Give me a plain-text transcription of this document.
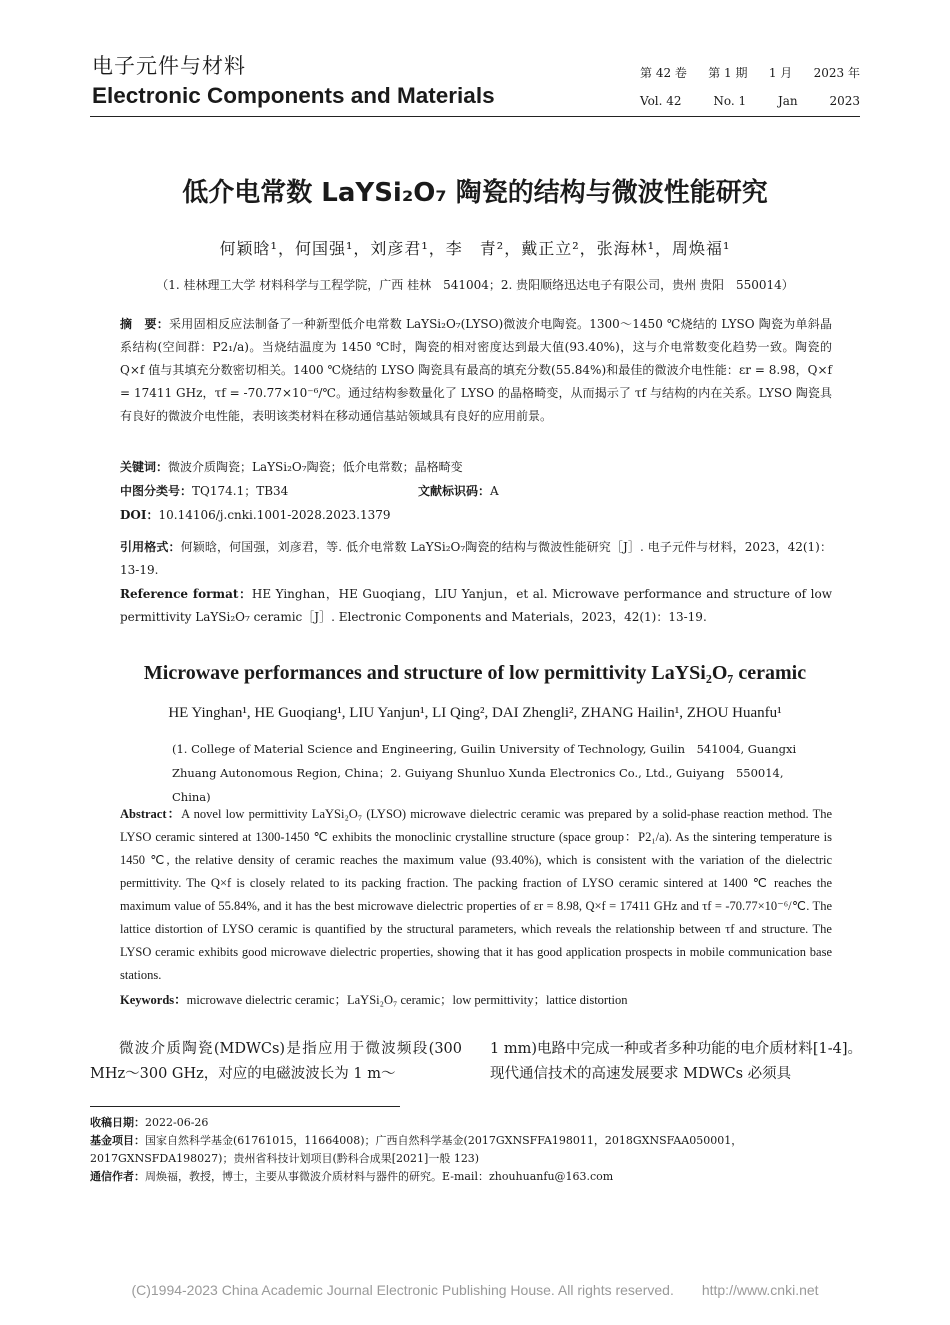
电子元件与材料
Electronic Components and Materials
第 42 卷 第 1 期 1 月 2023 年
Vol. 42	No. 1	Jan	2023
低介电常数 LaYSi₂O₇ 陶瓷的结构与微波性能研究
何颖晗¹，何国强¹，刘彦君¹，李　青²，戴正立²，张海林¹，周焕福¹
（1. 桂林理工大学 材料科学与工程学院，广西 桂林　541004；2. 贵阳顺络迅达电子有限公司，贵州 贵阳　550014）
摘　要：采用固相反应法制备了一种新型低介电常数 LaYSi₂O₇(LYSO)微波介电陶瓷。1300～1450 ℃烧结的 LYSO 陶瓷为单斜晶系结构(空间群：P2₁/a)。当烧结温度为 1450 ℃时，陶瓷的相对密度达到最大值(93.40%)，这与介电常数变化趋势一致。陶瓷的 Q×f 值与其填充分数密切相关。1400 ℃烧结的 LYSO 陶瓷具有最高的填充分数(55.84%)和最佳的微波介电性能：εr = 8.98，Q×f = 17411 GHz，τf = -70.77×10⁻⁶/℃。通过结构参数量化了 LYSO 的晶格畸变，从而揭示了 τf 与结构的内在关系。LYSO 陶瓷具有良好的微波介电性能，表明该类材料在移动通信基站领域具有良好的应用前景。
关键词：微波介质陶瓷；LaYSi₂O₇陶瓷；低介电常数；晶格畸变
中图分类号：TQ174.1；TB34	文献标识码：A
DOI：10.14106/j.cnki.1001-2028.2023.1379
引用格式：何颖晗，何国强，刘彦君，等. 低介电常数 LaYSi₂O₇陶瓷的结构与微波性能研究［J］. 电子元件与材料，2023，42(1)：13-19.
Reference format：HE Yinghan，HE Guoqiang，LIU Yanjun，et al. Microwave performance and structure of low permittivity LaYSi₂O₇ ceramic［J］. Electronic Components and Materials，2023，42(1)：13-19.
Microwave performances and structure of low permittivity LaYSi₂O₇ ceramic
HE Yinghan¹, HE Guoqiang¹, LIU Yanjun¹, LI Qing², DAI Zhengli², ZHANG Hailin¹, ZHOU Huanfu¹
(1. College of Material Science and Engineering, Guilin University of Technology, Guilin　541004, Guangxi Zhuang Autonomous Region, China；2. Guiyang Shunluo Xunda Electronics Co., Ltd., Guiyang　550014, China)
Abstract：A novel low permittivity LaYSi₂O₇ (LYSO) microwave dielectric ceramic was prepared by a solid-phase reaction method. The LYSO ceramic sintered at 1300-1450 ℃ exhibits the monoclinic crystalline structure (space group：P2₁/a). As the sintering temperature is 1450 ℃, the relative density of ceramic reaches the maximum value (93.40%), which is consistent with the variation of the dielectric permittivity. The Q×f is closely related to its packing fraction. The packing fraction of LYSO ceramic sintered at 1400 ℃ reaches the maximum value of 55.84%, and it has the best microwave dielectric properties of εr = 8.98, Q×f = 17411 GHz and τf = -70.77×10⁻⁶/℃. The lattice distortion of LYSO ceramic is quantified by the structural parameters, which reveals the relationship between τf and structure. The LYSO ceramic exhibits good microwave dielectric properties, showing that it has good application prospects in mobile communication base stations.
Keywords：microwave dielectric ceramic；LaYSi₂O₇ ceramic；low permittivity；lattice distortion
微波介质陶瓷(MDWCs)是指应用于微波频段(300 MHz～300 GHz，对应的电磁波波长为 1 m～
1 mm)电路中完成一种或者多种功能的电介质材料[1-4]。现代通信技术的高速发展要求 MDWCs 必须具
收稿日期：2022-06-26
基金项目：国家自然科学基金(61761015，11664008)；广西自然科学基金(2017GXNSFFA198011，2018GXNSFAA050001，2017GXNSFDA198027)；贵州省科技计划项目(黔科合成果[2021]一般 123)
通信作者：周焕福，教授，博士，主要从事微波介质材料与器件的研究。E-mail：zhouhuanfu@163.com
(C)1994-2023 China Academic Journal Electronic Publishing House. All rights reserved.　　http://www.cnki.net
